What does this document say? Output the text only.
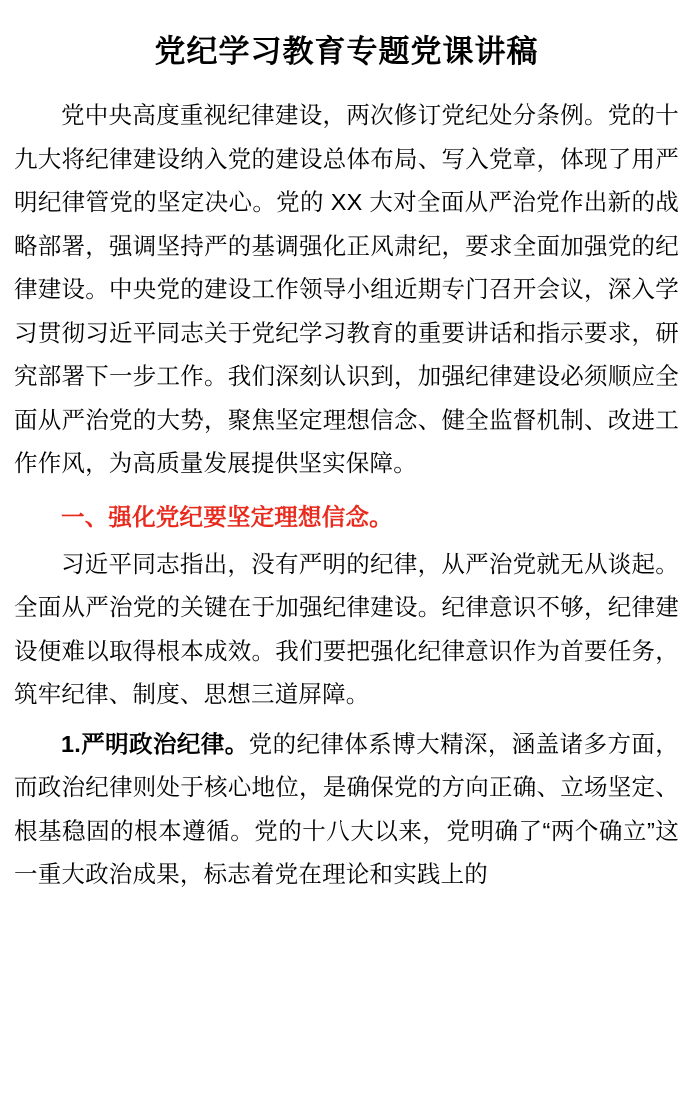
党纪学习教育专题党课讲稿

党中央高度重视纪律建设，两次修订党纪处分条例。党的十九大将纪律建设纳入党的建设总体布局、写入党章，体现了用严明纪律管党的坚定决心。党的 XX 大对全面从严治党作出新的战略部署，强调坚持严的基调强化正风肃纪，要求全面加强党的纪律建设。中央党的建设工作领导小组近期专门召开会议，深入学习贯彻习近平同志关于党纪学习教育的重要讲话和指示要求，研究部署下一步工作。我们深刻认识到，加强纪律建设必须顺应全面从严治党的大势，聚焦坚定理想信念、健全监督机制、改进工作作风，为高质量发展提供坚实保障。

一、强化党纪要坚定理想信念。

习近平同志指出，没有严明的纪律，从严治党就无从谈起。全面从严治党的关键在于加强纪律建设。纪律意识不够，纪律建设便难以取得根本成效。我们要把强化纪律意识作为首要任务，筑牢纪律、制度、思想三道屏障。

1.严明政治纪律。党的纪律体系博大精深，涵盖诸多方面，而政治纪律则处于核心地位，是确保党的方向正确、立场坚定、根基稳固的根本遵循。党的十八大以来，党明确了“两个确立”这一重大政治成果，标志着党在理论和实践上的
